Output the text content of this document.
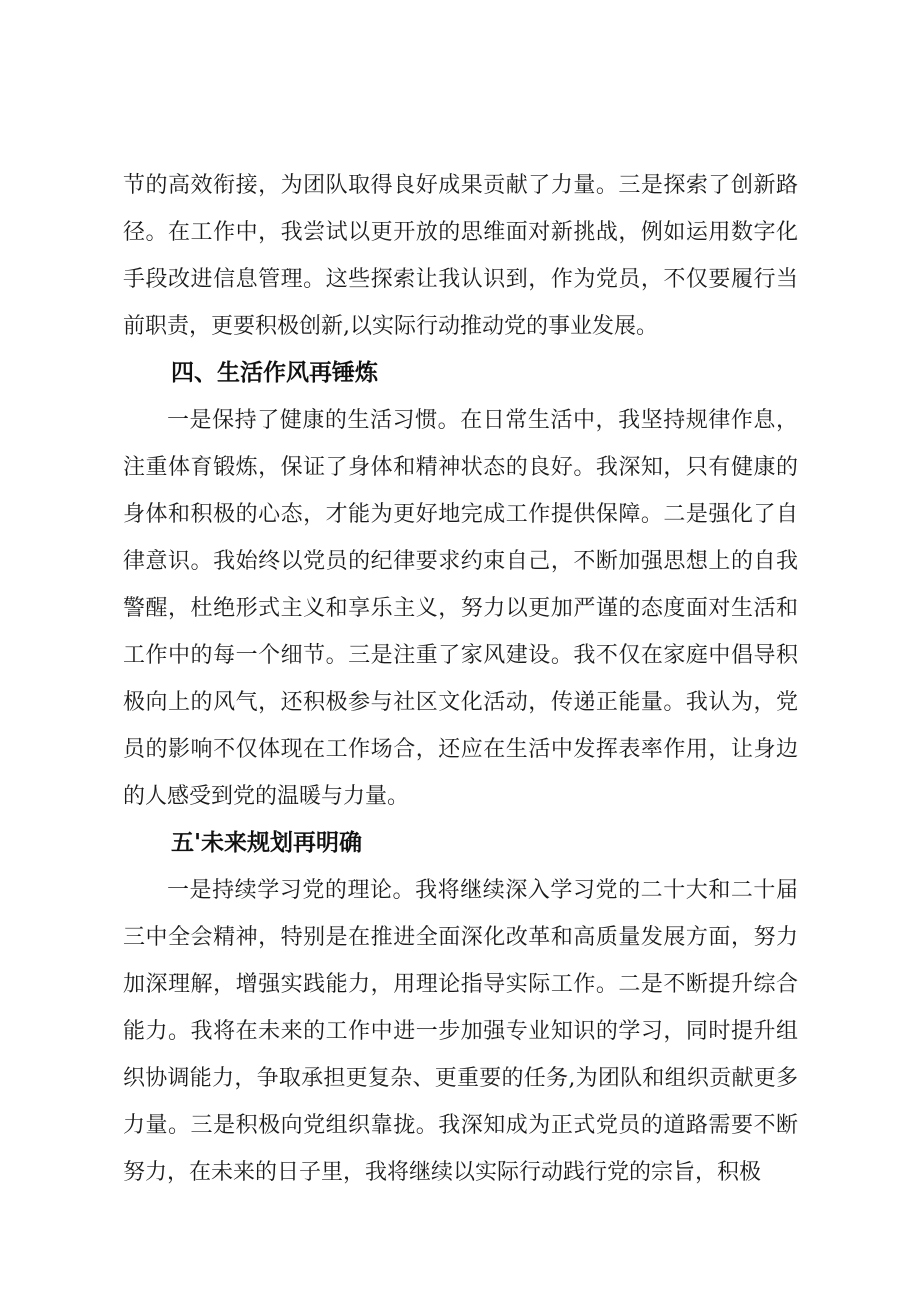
节的高效衔接，为团队取得良好成果贡献了力量。三是探索了创新路径。在工作中，我尝试以更开放的思维面对新挑战，例如运用数字化手段改进信息管理。这些探索让我认识到，作为党员，不仅要履行当前职责，更要积极创新,以实际行动推动党的事业发展。

四、生活作风再锤炼

一是保持了健康的生活习惯。在日常生活中，我坚持规律作息，注重体育锻炼，保证了身体和精神状态的良好。我深知，只有健康的身体和积极的心态，才能为更好地完成工作提供保障。二是强化了自律意识。我始终以党员的纪律要求约束自己，不断加强思想上的自我警醒，杜绝形式主义和享乐主义，努力以更加严谨的态度面对生活和工作中的每一个细节。三是注重了家风建设。我不仅在家庭中倡导积极向上的风气，还积极参与社区文化活动，传递正能量。我认为，党员的影响不仅体现在工作场合，还应在生活中发挥表率作用，让身边的人感受到党的温暖与力量。

五'未来规划再明确

一是持续学习党的理论。我将继续深入学习党的二十大和二十届三中全会精神，特别是在推进全面深化改革和高质量发展方面，努力加深理解，增强实践能力，用理论指导实际工作。二是不断提升综合能力。我将在未来的工作中进一步加强专业知识的学习，同时提升组织协调能力，争取承担更复杂、更重要的任务,为团队和组织贡献更多力量。三是积极向党组织靠拢。我深知成为正式党员的道路需要不断努力，在未来的日子里，我将继续以实际行动践行党的宗旨，积极
